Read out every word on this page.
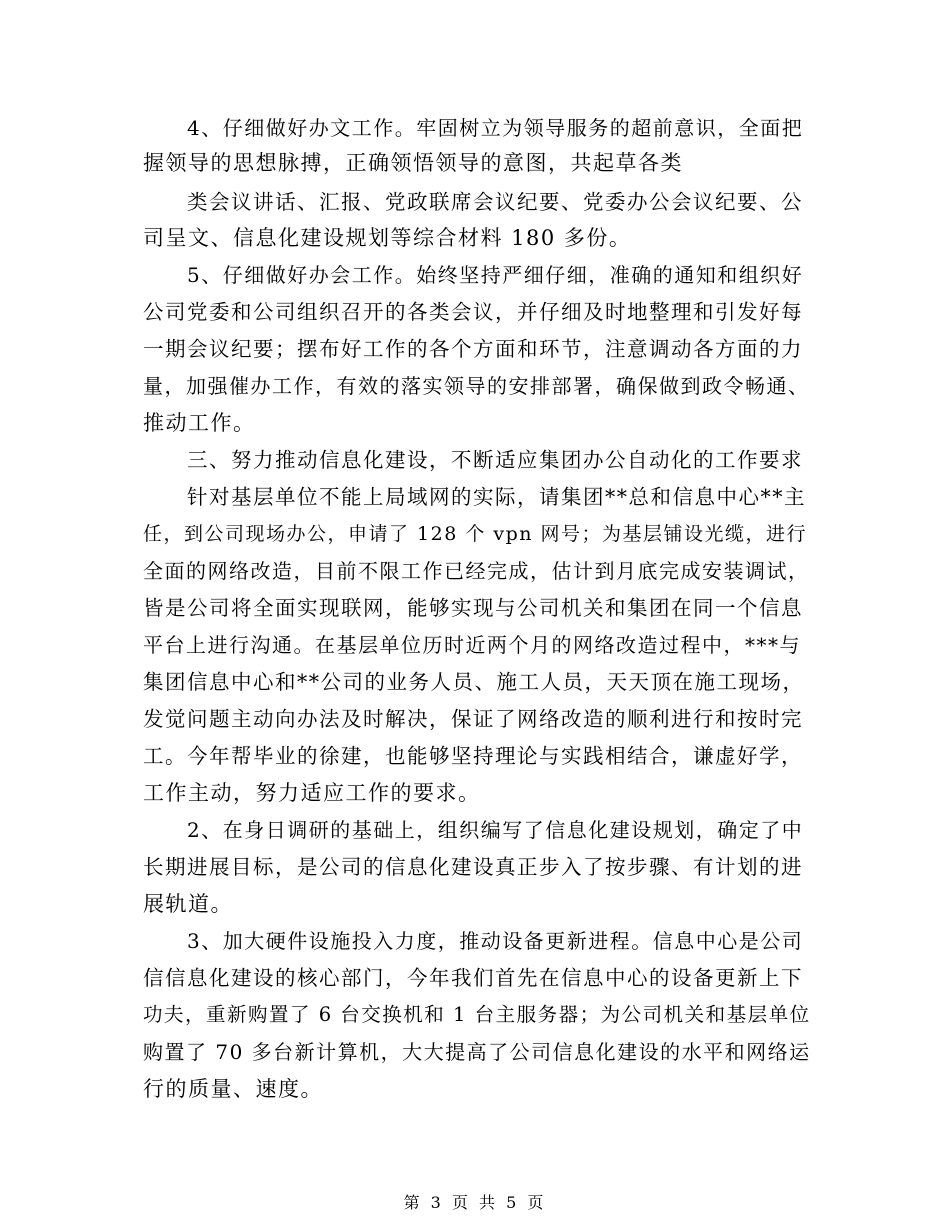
4、仔细做好办文工作。牢固树立为领导服务的超前意识，全面把
握领导的思想脉搏，正确领悟领导的意图，共起草各类
类会议讲话、汇报、党政联席会议纪要、党委办公会议纪要、公
司呈文、信息化建设规划等综合材料 180 多份。
5、仔细做好办会工作。始终坚持严细仔细，准确的通知和组织好
公司党委和公司组织召开的各类会议，并仔细及时地整理和引发好每
一期会议纪要；摆布好工作的各个方面和环节，注意调动各方面的力
量，加强催办工作，有效的落实领导的安排部署，确保做到政令畅通、
推动工作。
三、努力推动信息化建设，不断适应集团办公自动化的工作要求
针对基层单位不能上局域网的实际，请集团**总和信息中心**主
任，到公司现场办公，申请了 128 个 vpn 网号；为基层铺设光缆，进行
全面的网络改造，目前不限工作已经完成，估计到月底完成安装调试，
皆是公司将全面实现联网，能够实现与公司机关和集团在同一个信息
平台上进行沟通。在基层单位历时近两个月的网络改造过程中，***与
集团信息中心和**公司的业务人员、施工人员，天天顶在施工现场，
发觉问题主动向办法及时解决，保证了网络改造的顺利进行和按时完
工。今年帮毕业的徐建，也能够坚持理论与实践相结合，谦虚好学，
工作主动，努力适应工作的要求。
2、在身日调研的基础上，组织编写了信息化建设规划，确定了中
长期进展目标，是公司的信息化建设真正步入了按步骤、有计划的进
展轨道。
3、加大硬件设施投入力度，推动设备更新进程。信息中心是公司
信信息化建设的核心部门，今年我们首先在信息中心的设备更新上下
功夫，重新购置了 6 台交换机和 1 台主服务器；为公司机关和基层单位
购置了 70 多台新计算机，大大提高了公司信息化建设的水平和网络运
行的质量、速度。
第 3 页 共 5 页
